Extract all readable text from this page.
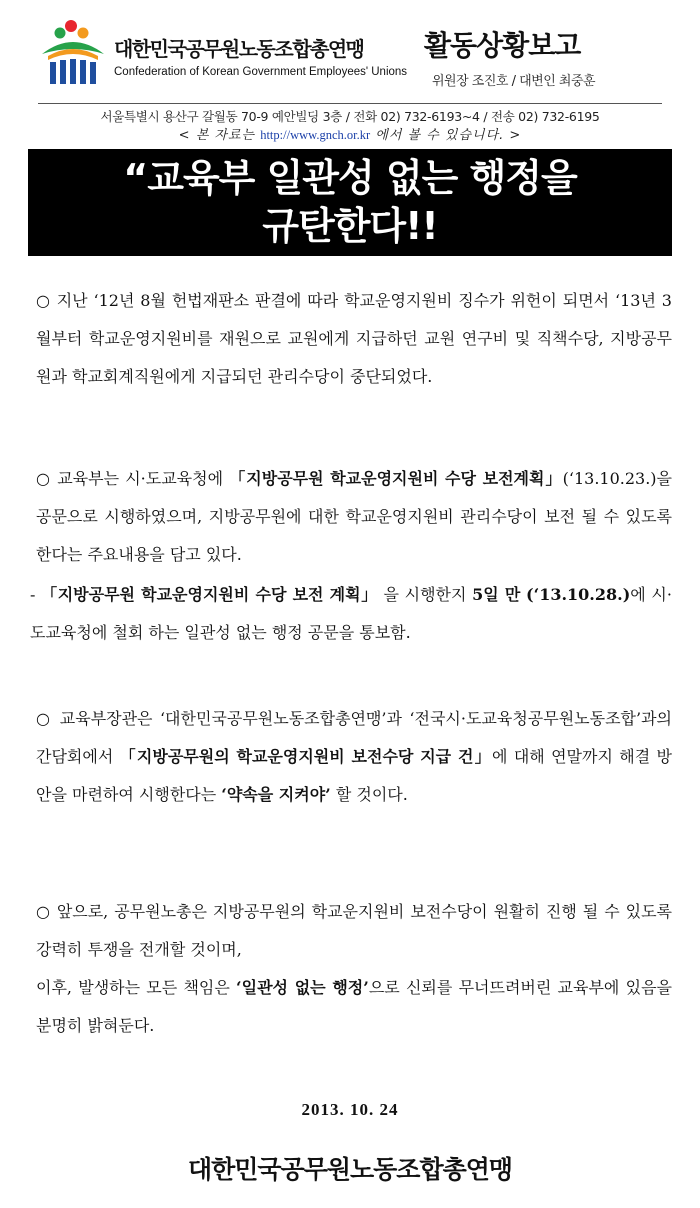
대한민국공무원노동조합총연맹
Confederation of Korean Government Employees' Unions
활동상황보고
위원장 조진호 / 대변인 최중훈
서울특별시 용산구 갈월동 70-9 예안빌딩 3층 / 전화 02) 732-6193~4 / 전송 02) 732-6195
< 본 자료는 http://www.gnch.or.kr 에서 볼 수 있습니다. >
“교육부 일관성 없는 행정을
규탄한다!!
○ 지난 ‘12년 8월 헌법재판소 판결에 따라 학교운영지원비 징수가 위헌이 되면서 ‘13년 3월부터 학교운영지원비를 재원으로 교원에게 지급하던 교원 연구비 및 직책수당, 지방공무원과 학교회계직원에게 지급되던 관리수당이 중단되었다.
○ 교육부는 시·도교육청에 「지방공무원 학교운영지원비 수당 보전계획」(‘13.10.23.)을 공문으로 시행하였으며, 지방공무원에 대한 학교운영지원비 관리수당이 보전 될 수 있도록 한다는 주요내용을 담고 있다.
- 「지방공무원 학교운영지원비 수당 보전 계획」 을 시행한지 5일 만 (‘13.10.28.)에 시·도교육청에 철회 하는 일관성 없는 행정 공문을 통보함.
○ 교육부장관은 ‘대한민국공무원노동조합총연맹’과 ‘전국시·도교육청공무원노동조합’과의 간담회에서 「지방공무원의 학교운영지원비 보전수당 지급 건」에 대해 연말까지 해결 방안을 마련하여 시행한다는 ‘약속을 지켜야’ 할 것이다.
○ 앞으로, 공무원노총은 지방공무원의 학교운지원비 보전수당이 원활히 진행 될 수 있도록 강력히 투쟁을 전개할 것이며,
이후, 발생하는 모든 책임은 ‘일관성 없는 행정’으로 신뢰를 무너뜨려버린 교육부에 있음을 분명히 밝혀둔다.
2013. 10. 24
대한민국공무원노동조합총연맹
